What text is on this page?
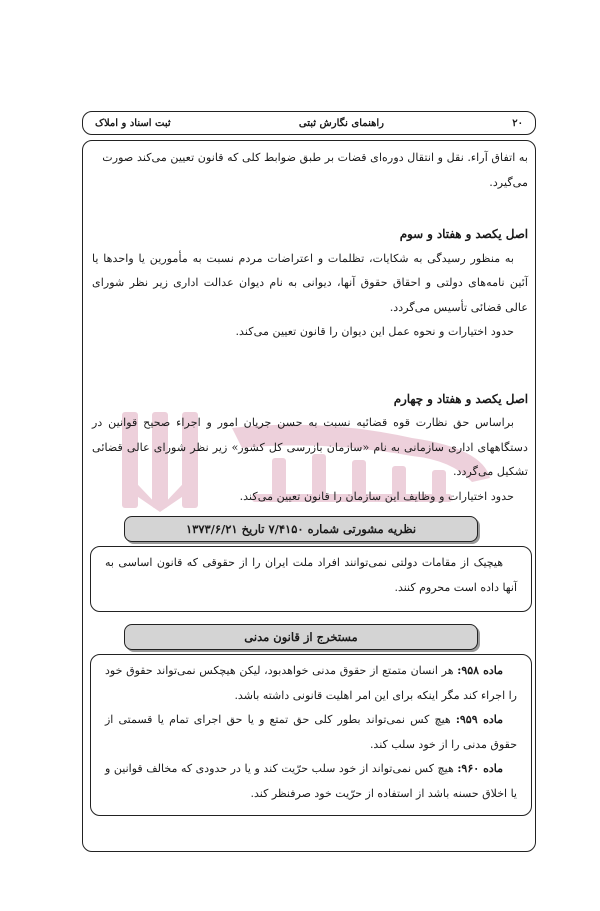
۲۰
راهنمای نگارش ثبتی
ثبت اسناد و املاک

به اتفاق آراء. نقل و انتقال دوره‌ای قضات بر طبق ضوابط کلی که قانون تعیین می‌کند صورت

می‌گیرد.

اصل یکصد و هفتاد و سوم

به منظور رسیدگی به شکایات، تظلمات و اعتراضات مردم نسبت به مأمورین یا واحدها یا آئین نامه‌های دولتی و احقاق حقوق آنها، دیوانی به نام دیوان عدالت اداری زیر نظر شورای عالی قضائی تأسیس می‌گردد.

حدود اختیارات و نحوه عمل این دیوان را قانون تعیین می‌کند.

اصل یکصد و هفتاد و چهارم

براساس حق نظارت قوه قضائیه نسبت به حسن جریان امور و اجراء صحیح قوانین در دستگاههای اداری سازمانی به نام «سازمان بازرسی کل کشور» زیر نظر شورای عالی قضائی تشکیل می‌گردد.

حدود اختیارات و وظایف این سازمان را قانون تعیین می‌کند.

نظریه مشورتی شماره ۷/۴۱۵۰ تاریخ ۱۳۷۳/۶/۲۱

هیچیک از مقامات دولتی نمی‌توانند افراد ملت ایران را از حقوقی که قانون اساسی به آنها داده است محروم کنند.

مستخرج از قانون مدنی

ماده ۹۵۸: هر انسان متمتع از حقوق مدنی خواهدبود، لیکن هیچکس نمی‌تواند حقوق خود را اجراء کند مگر اینکه برای این امر اهلیت قانونی داشته باشد.

ماده ۹۵۹: هیچ کس نمی‌تواند بطور کلی حق تمتع و یا حق اجرای تمام یا قسمتی از حقوق مدنی را از خود سلب کند.

ماده ۹۶۰: هیچ کس نمی‌تواند از خود سلب حرّیت کند و یا در حدودی که مخالف قوانین و یا اخلاق حسنه باشد از استفاده از حرّیت خود صرفنظر کند.
